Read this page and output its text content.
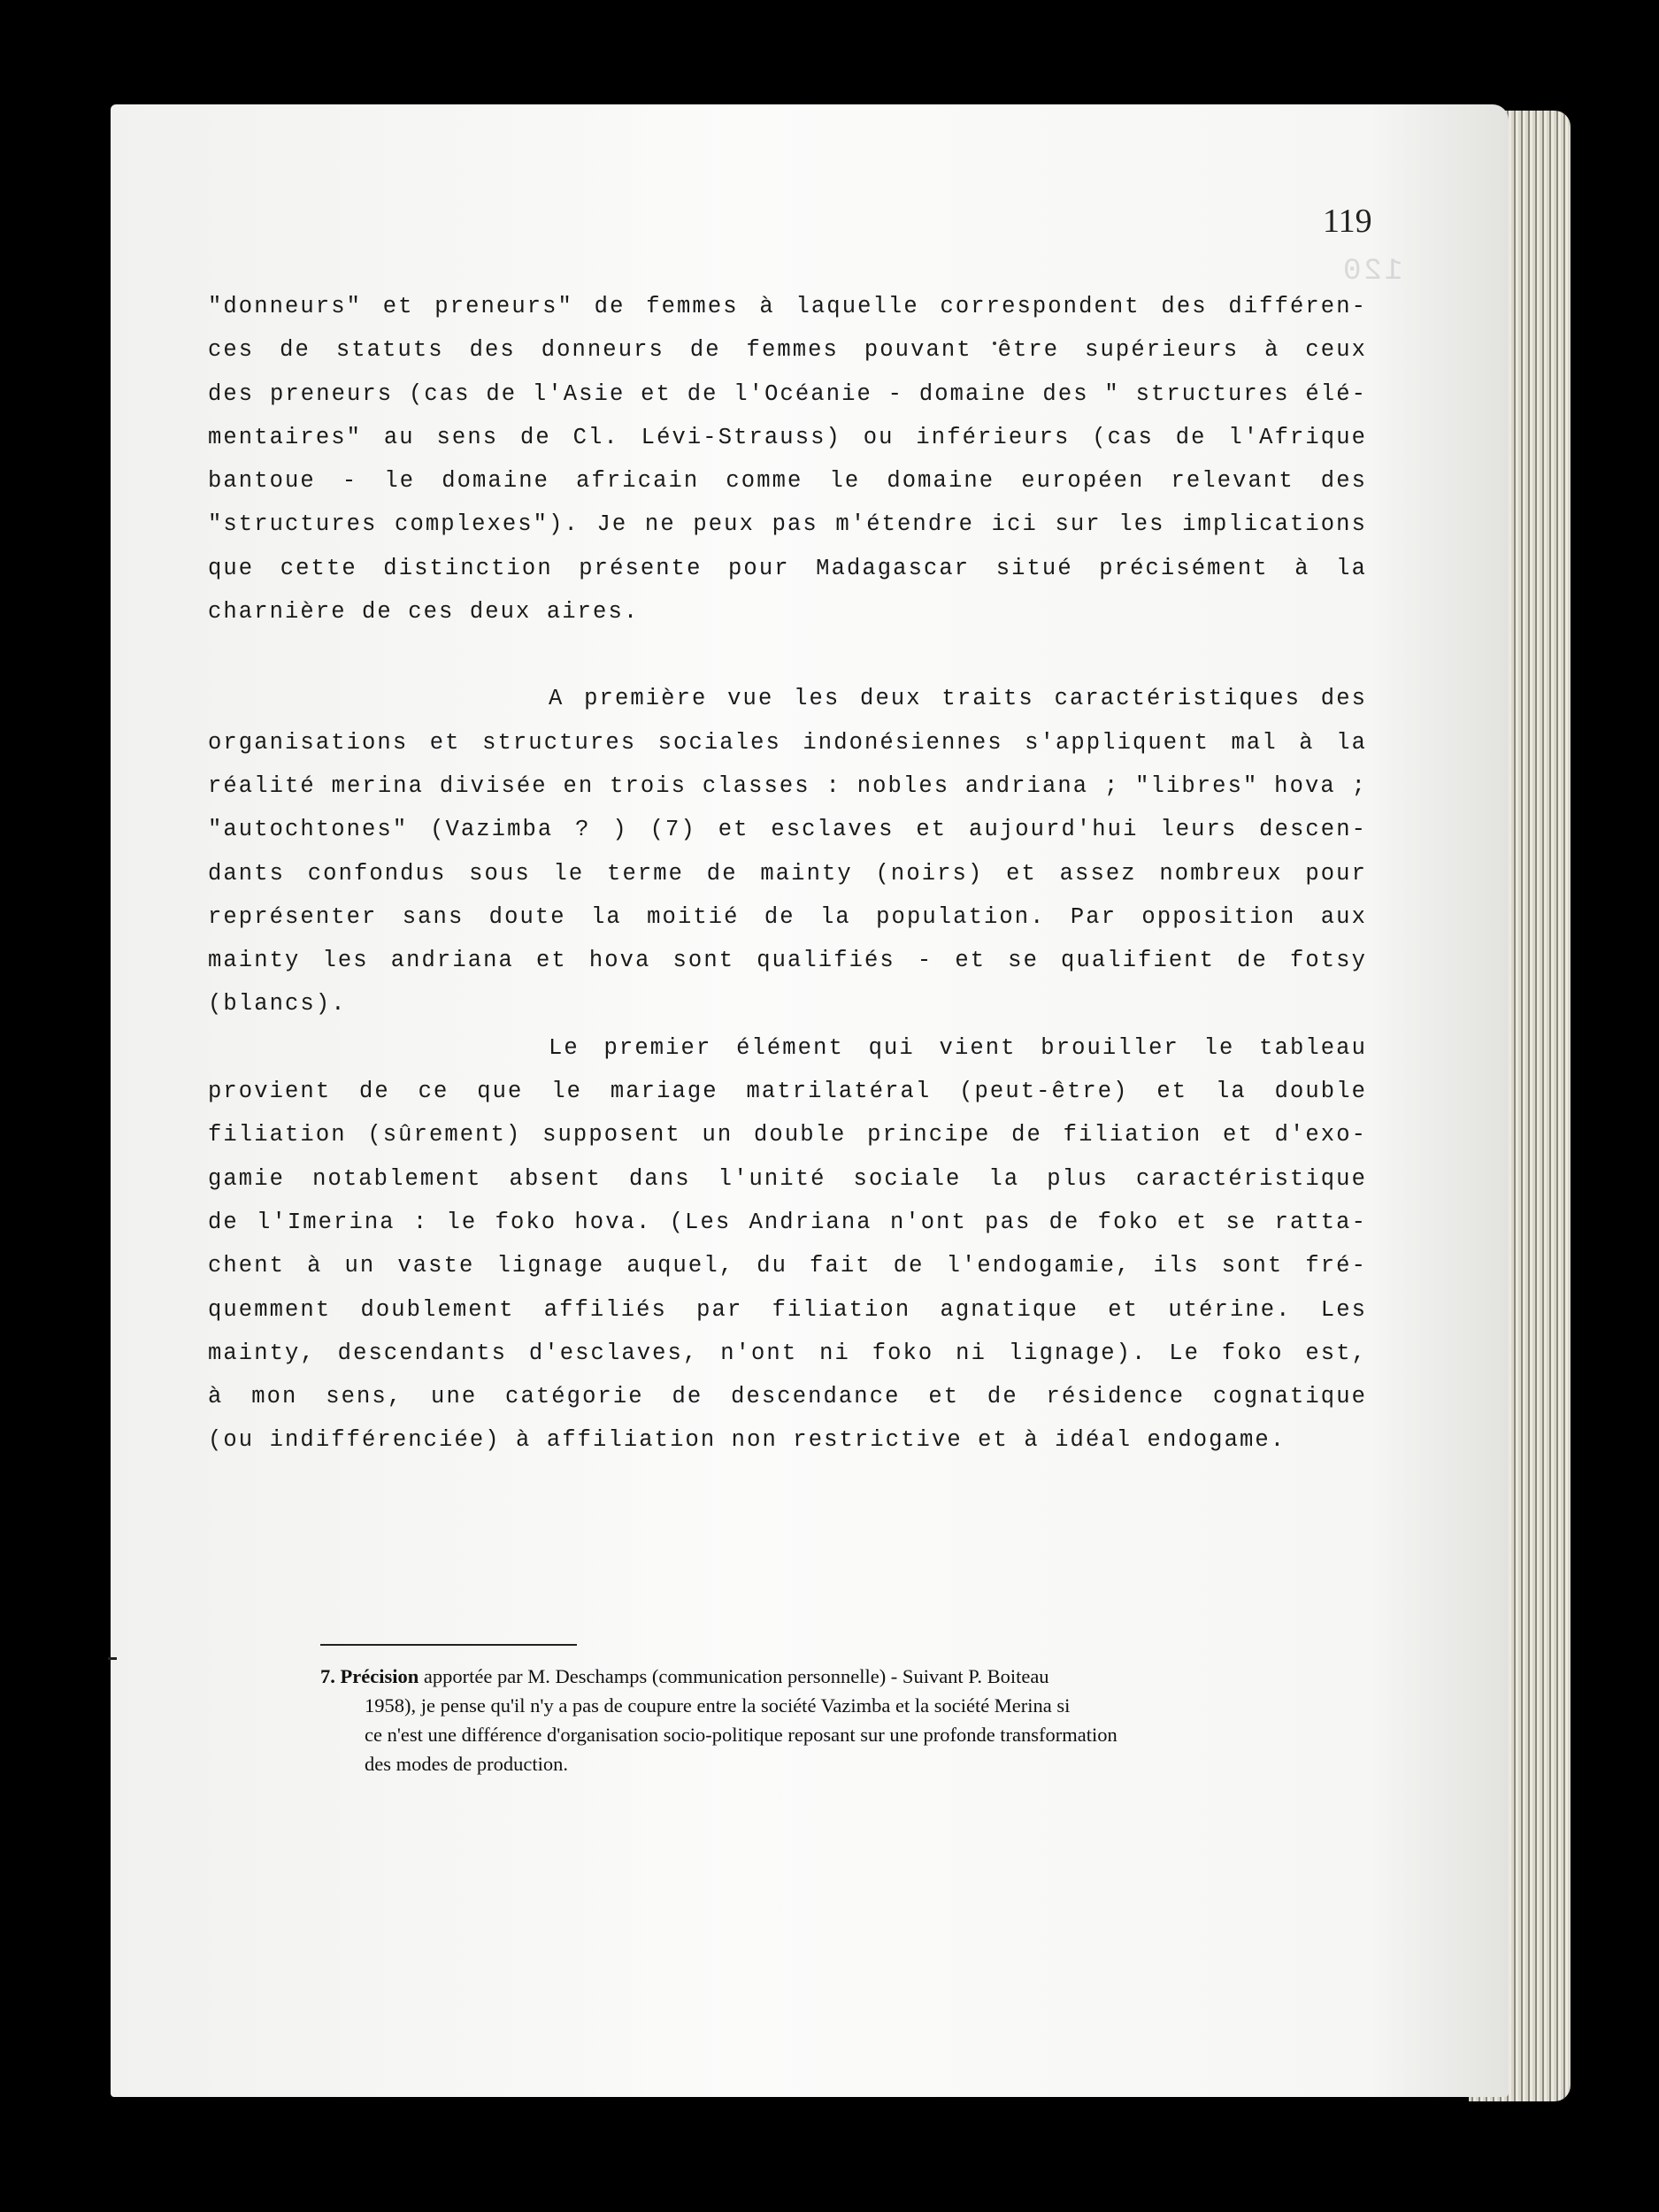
120

119
"donneurs" et preneurs" de femmes à laquelle correspondent des différen-
ces de statuts des donneurs de femmes pouvant être supérieurs à ceux
des preneurs (cas de l'Asie et de l'Océanie - domaine des " structures élé-
mentaires" au sens de Cl. Lévi-Strauss) ou inférieurs (cas de l'Afrique
bantoue - le domaine africain comme le domaine européen relevant des
"structures complexes"). Je ne peux pas m'étendre ici sur les implications
que cette distinction présente pour Madagascar situé précisément à la
charnière de ces deux aires.
A première vue les deux traits caractéristiques des
organisations et structures sociales indonésiennes s'appliquent mal à la
réalité merina divisée en trois classes : nobles andriana ; "libres" hova ;
"autochtones" (Vazimba ? ) (7) et esclaves et aujourd'hui leurs descen-
dants confondus sous le terme de mainty (noirs) et assez nombreux pour
représenter sans doute la moitié de la population. Par opposition aux
mainty les andriana et hova sont qualifiés - et se qualifient de fotsy
(blancs).
Le premier élément qui vient brouiller le tableau
provient de ce que le mariage matrilatéral (peut-être) et la double
filiation (sûrement) supposent un double principe de filiation et d'exo-
gamie notablement absent dans l'unité sociale la plus caractéristique
de l'Imerina : le foko hova. (Les Andriana n'ont pas de foko et se ratta-
chent à un vaste lignage auquel, du fait de l'endogamie, ils sont fré-
quemment doublement affiliés par filiation agnatique et utérine. Les
mainty, descendants d'esclaves, n'ont ni foko ni lignage). Le foko est,
à mon sens, une catégorie de descendance et de résidence cognatique
(ou indifférenciée) à affiliation non restrictive et à idéal endogame.
7. Précision apportée par M. Deschamps (communication personnelle) - Suivant P. Boiteau
1958), je pense qu'il n'y a pas de coupure entre la société Vazimba et la société Merina si
ce n'est une différence d'organisation socio-politique reposant sur une profonde transformation
des modes de production.
